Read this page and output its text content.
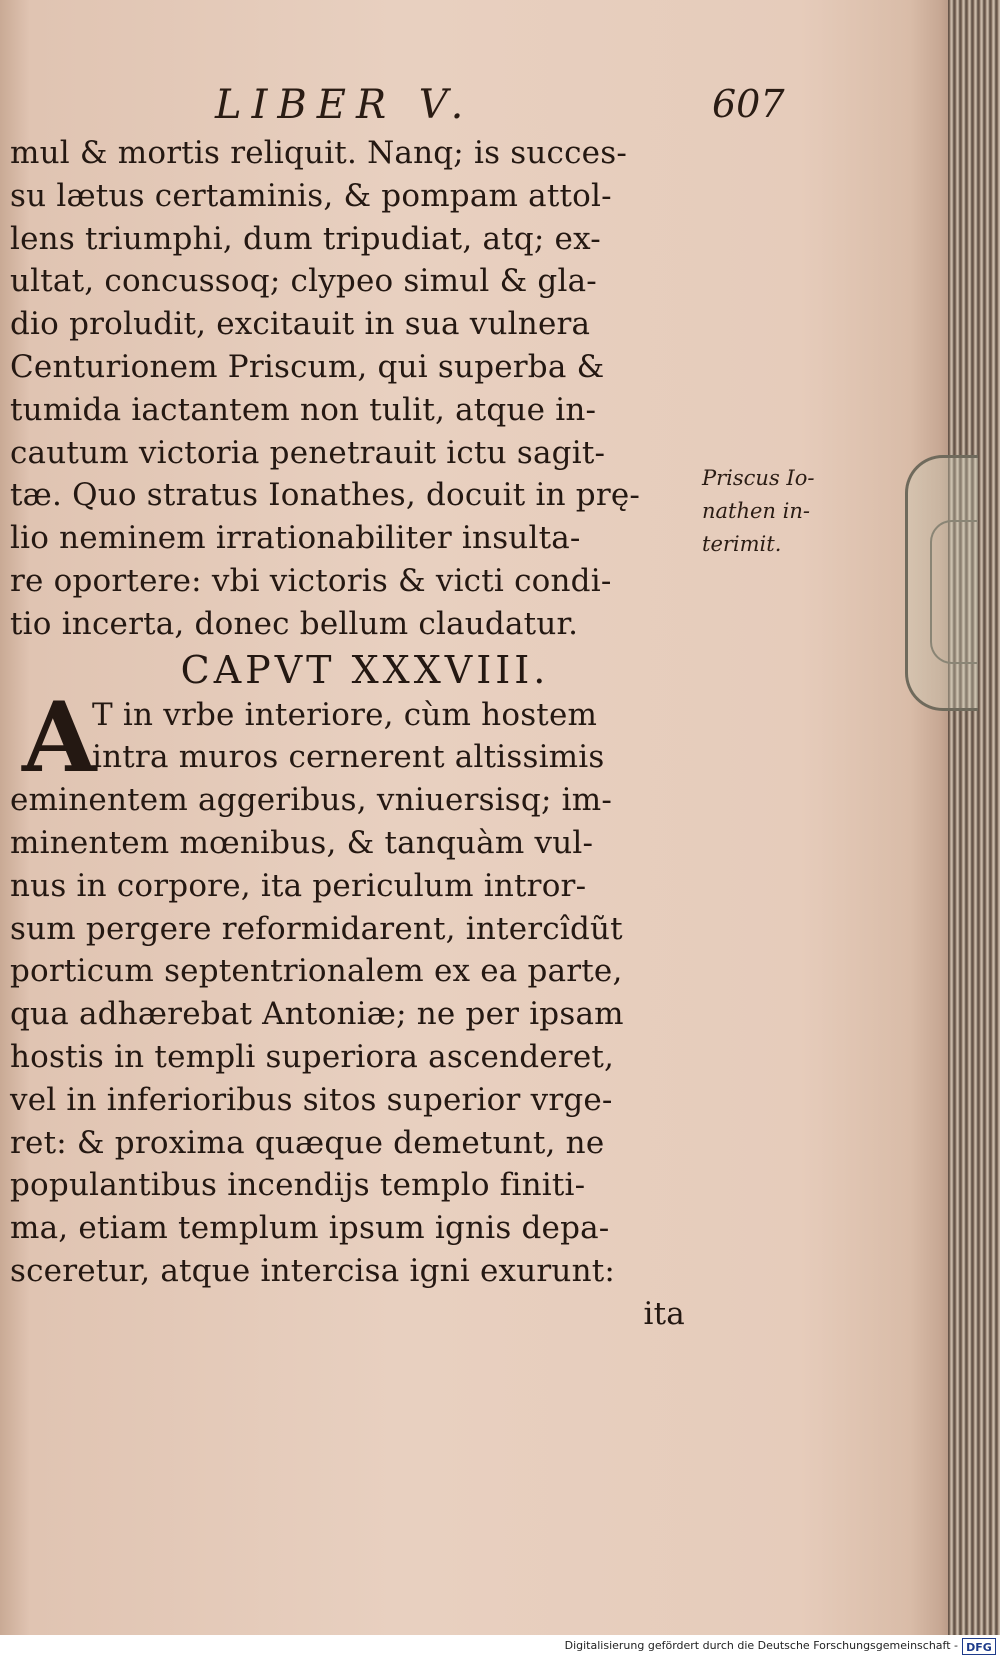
LIBER V.	607
mul & mortis reliquit. Nanq; is succes-
su lætus certaminis, & pompam attol-
lens triumphi, dum tripudiat, atq; ex-
ultat, concussoq; clypeo simul & gla-
dio proludit, excitauit in sua vulnera
Centurionem Priscum, qui superba &
tumida iactantem non tulit, atque in-
cautum victoria penetrauit ictu sagit-
tæ. Quo stratus Ionathes, docuit in prę-
lio neminem irrationabiliter insulta-
re oportere: vbi victoris & victi condi-
tio incerta, donec bellum claudatur.
CAPVT XXXVIII.
A
T in vrbe interiore, cùm hostem
intra muros cernerent altissimis
eminentem aggeribus, vniuersisq; im-
minentem mœnibus, & tanquàm vul-
nus in corpore, ita periculum intror-
sum pergere reformidarent, intercîdũt
porticum septentrionalem ex ea parte,
qua adhærebat Antoniæ; ne per ipsam
hostis in templi superiora ascenderet,
vel in inferioribus sitos superior vrge-
ret: & proxima quæque demetunt, ne
populantibus incendijs templo finiti-
ma, etiam templum ipsum ignis depa-
sceretur, atque intercisa igni exurunt:
ita
Priscus Io-
nathen in-
terimit.
Digitalisierung gefördert durch die Deutsche Forschungsgemeinschaft - DFG
